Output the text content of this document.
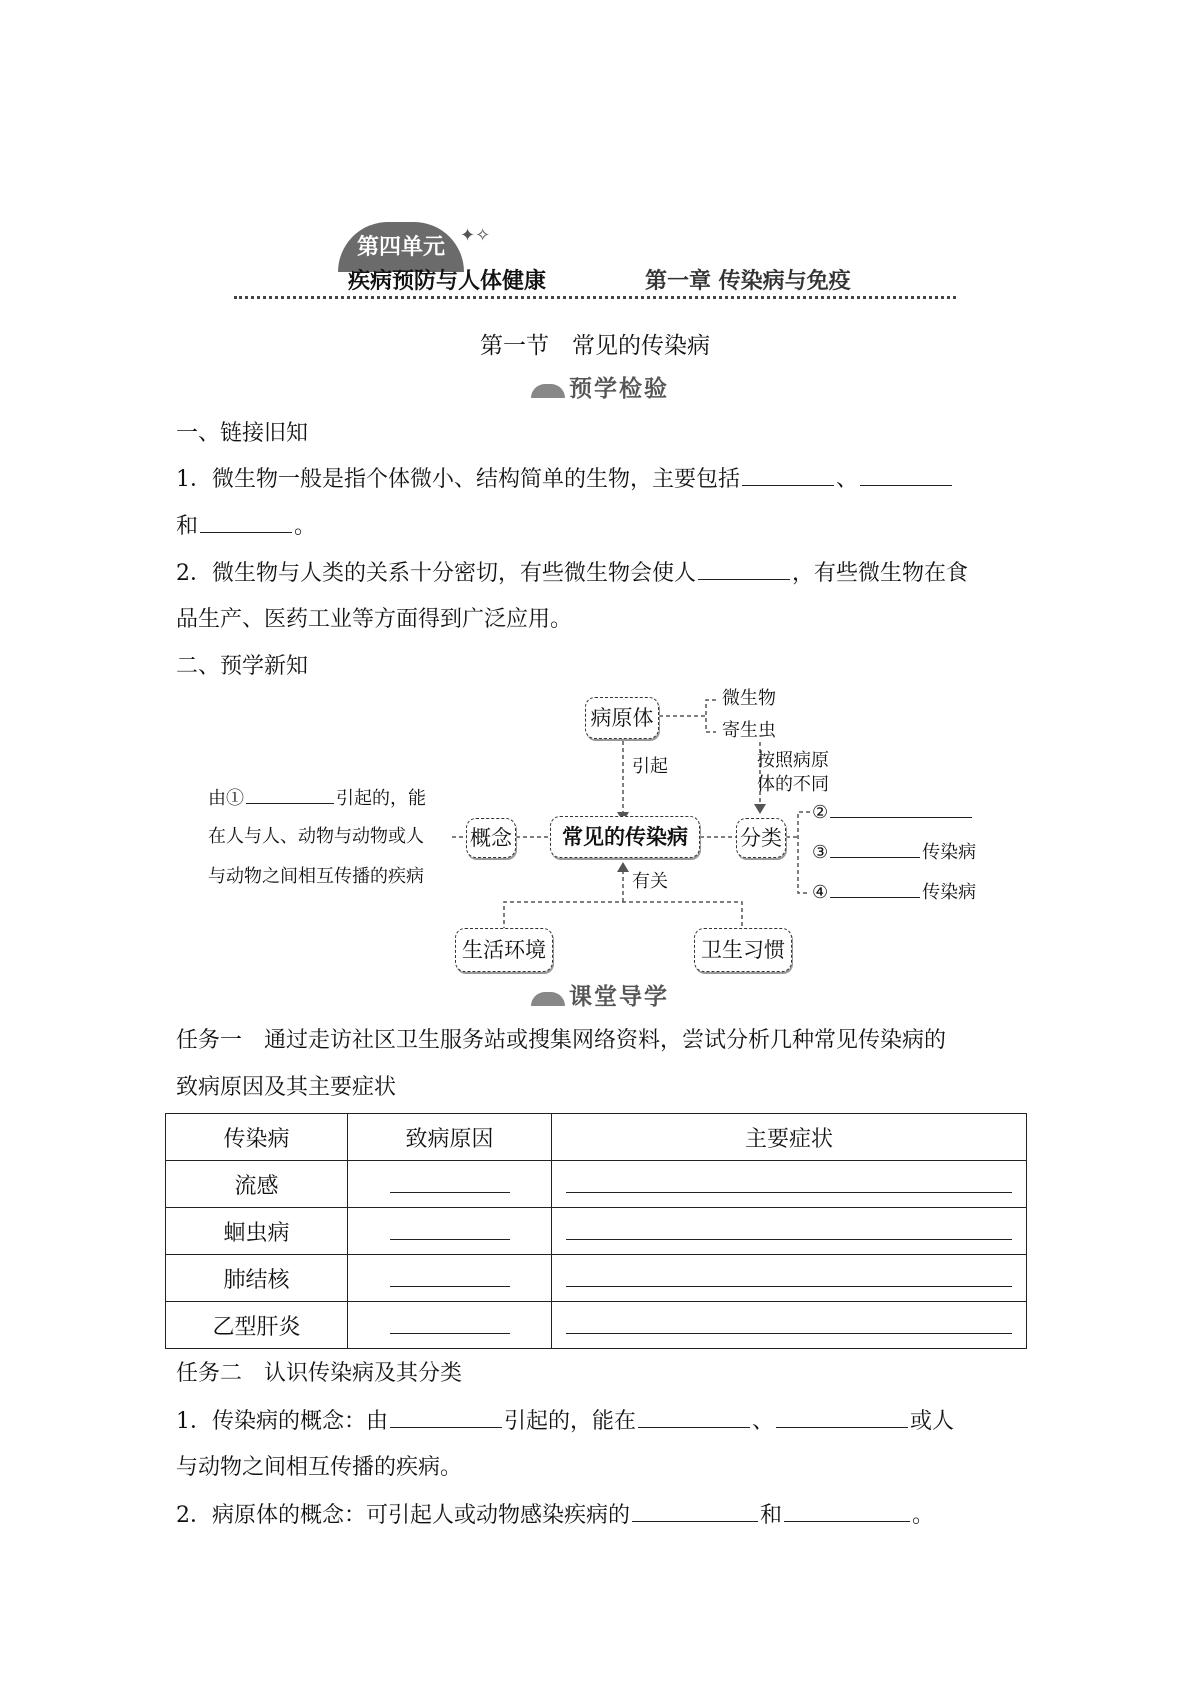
第四单元 ✦✧
疾病预防与人体健康	第一章 传染病与免疫
第一节　常见的传染病
预学检验
一、链接旧知
1．微生物一般是指个体微小、结构简单的生物，主要包括	、
和	。
2．微生物与人类的关系十分密切，有些微生物会使人	，有些微生物在食
品生产、医药工业等方面得到广泛应用。
二、预学新知
病原体
微生物
寄生虫
引起	按照病原
体的不同
常见的传染病
概念	分类
由①	引起的，能
在人与人、动物与动物或人
与动物之间相互传播的疾病
②
③	传染病
④	传染病
有关
生活环境	卫生习惯
课堂导学
任务一　通过走访社区卫生服务站或搜集网络资料，尝试分析几种常见传染病的
致病原因及其主要症状
传染病	致病原因	主要症状
流感		
蛔虫病		
肺结核		
乙型肝炎		
任务二　认识传染病及其分类
1．传染病的概念：由	引起的，能在	、	或人
与动物之间相互传播的疾病。
2．病原体的概念：可引起人或动物感染疾病的	和	。
